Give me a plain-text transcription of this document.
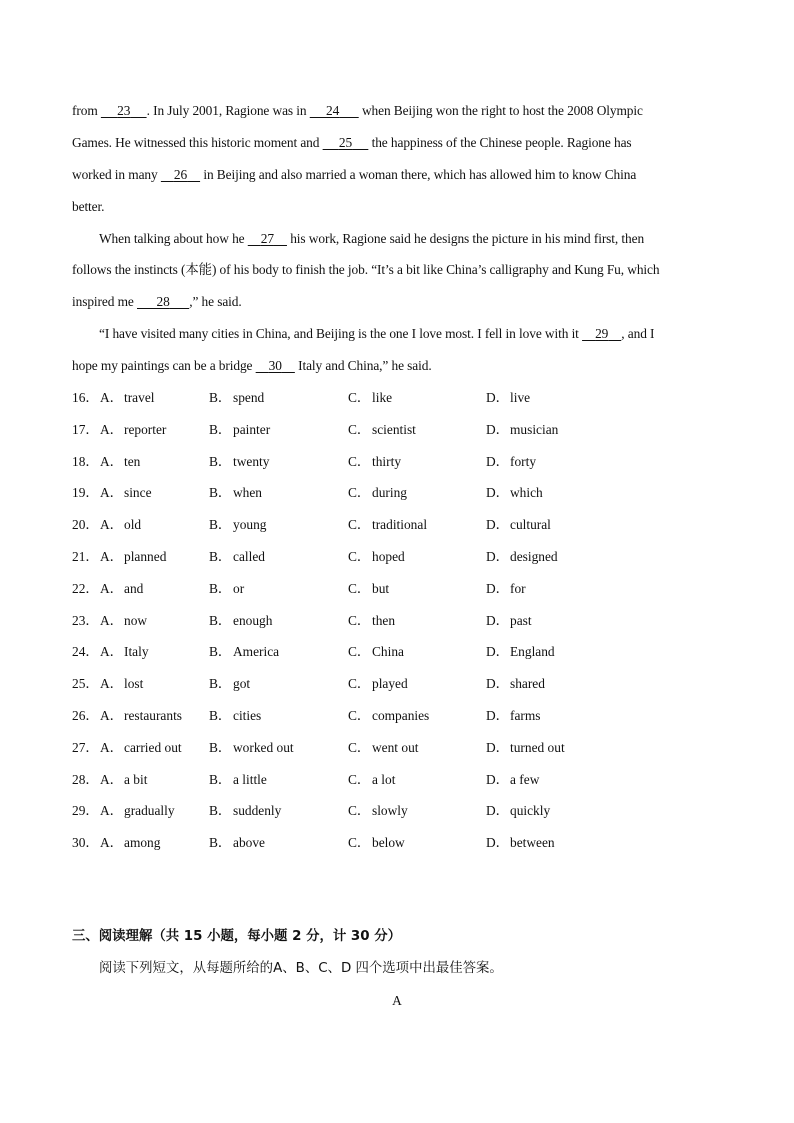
from      23 . In July 2001, Ragione was in      24       when Beijing won the right to host the 2008 Olympic
Games. He witnessed this historic moment and      25      the happiness of the Chinese people. Ragione has
worked in many     26     in Beijing and also married a woman there, which has allowed him to know China
better.
When talking about how he     27     his work, Ragione said he designs the picture in his mind first, then
follows the instincts (本能) of his body to finish the job. “It’s a bit like China’s calligraphy and Kung Fu, which
inspired me       28 ,” he said.
“I have visited many cities in China, and Beijing is the one I love most. I fell in love with it     29 , and I
hope my paintings can be a bridge     30     Italy and China,” he said.
16． A．travel	B． spend	C． like	D．live
17． A．reporter	B． painter	C． scientist	D．musician
18． A．ten	B． twenty	C． thirty	D．forty
19． A．since	B． when	C． during	D．which
20． A．old	B． young	C． traditional	D．cultural
21． A．planned	B． called	C． hoped	D．designed
22． A．and	B． or	C． but	D．for
23． A．now	B． enough	C． then	D．past
24． A．Italy	B． America	C． China	D．England
25． A．lost	B． got	C． played	D．shared
26． A．restaurants B． cities	C． companies	D．farms
27． A．carried out B． worked out	C． went out	D．turned out
28． A．a bit	B． a little	C． a lot	D．a few
29． A．gradually	B． suddenly	C． slowly	D．quickly
30． A．among	B． above	C． below	D．between
三、阅读理解（共 15 小题，每小题 2 分，计 30 分）
阅读下列短文，从每题所给的A、B、C、D 四个选项中出最佳答案。
A
